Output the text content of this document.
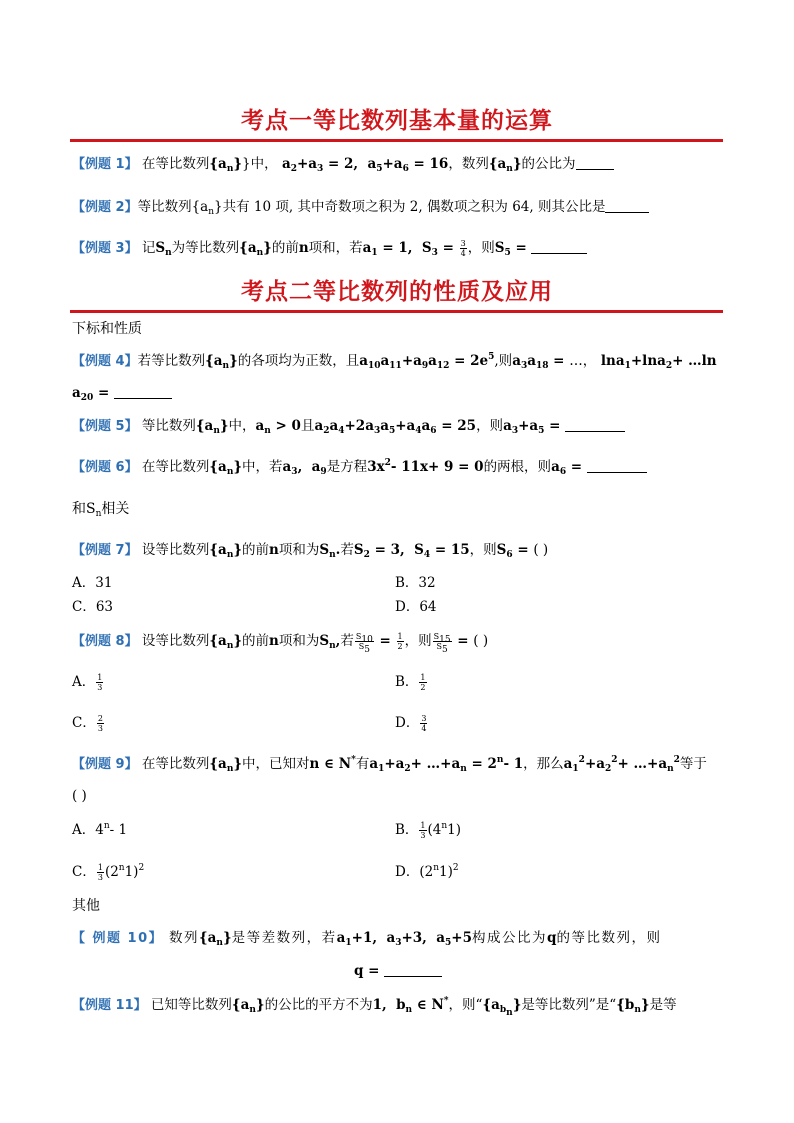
考点一等比数列基本量的运算
【例题 1】 在等比数列$\{a_n\}$}中， $a_2+a_3 = 2$,  $a_5+a_6 = 16$，数列$\{a_n\}$的公比为
【例题 2】等比数列$\{a_n\}$共有 10 项, 其中奇数项之积为 2, 偶数项之积为 64, 则其公比是
【例题 3】 记$S_n$为等比数列$\{a_n\}$的前n项和，若$a_1 = 1$,  $S_3 = \frac{3}{4}$ ，则$S_5$ =
考点二等比数列的性质及应用
下标和性质
【例题 4】若等比数列$\{a_n\}$的各项均为正数，且$a_{10}a_{11}+a_9a_{12} = 2e^5$,则$a_3a_{18}$ = …， lna$_1$+lna$_2$+ …ln
$a_{20}$ =
【例题 5】 等比数列$\{a_n\}$中，$a_n > 0$且$a_2a_4+2a_3a_5+a_4a_6 = 25$，则$a_3+a_5$ =
【例题 6】 在等比数列$\{a_n\}$中，若$a_3$,  $a_9$是方程$3x^2-$ 11x+ 9 = 0的两根，则$a_6$ =
和$S_n$相关
【例题 7】 设等比数列$\{a_n\}$的前n项和为$S_n$.若$S_2 = 3$,  $S_4 = 15$，则$S_6$ = ( )
A．31	B．32
C．63	D．64
【例题 8】 设等比数列$\{a_n\}$的前n项和为$S_n$,若 $\frac{S_{10}}{S_5} = \frac{1}{2}$ ，则 $\frac{S_{15}}{S_5}$ = ( )
A． $\frac{1}{3}$	B． $\frac{1}{2}$
C． $\frac{2}{3}$	D． $\frac{3}{4}$
【例题 9】 在等比数列$\{a_n\}$中，已知对n ∈ N*有$a_1+a_2+$ $\dots+a_n = 2^n-$ 1，那么$a_1^2+a_2^2+$ $\dots+a_n^2$等于
( )
A．4$^n$- 1	B． $\frac{1}{3} (4^n1)$
C． $\frac{1}{3} (2^n1)^2$	D．$(2^n1)^2$
其他
【 例题 10】 数列$\{a_n\}$是等差数列，若$a_1+1$,  $a_3+3$,  $a_5+5$构成公比为q的等比数列，则
q =
【例题 11】 已知等比数列$\{a_n\}$的公比的平方不为1,  $b_n$ ∈ N*，则“$\{a_{b_n}\}$是等比数列”是“$\{b_n\}$是等
